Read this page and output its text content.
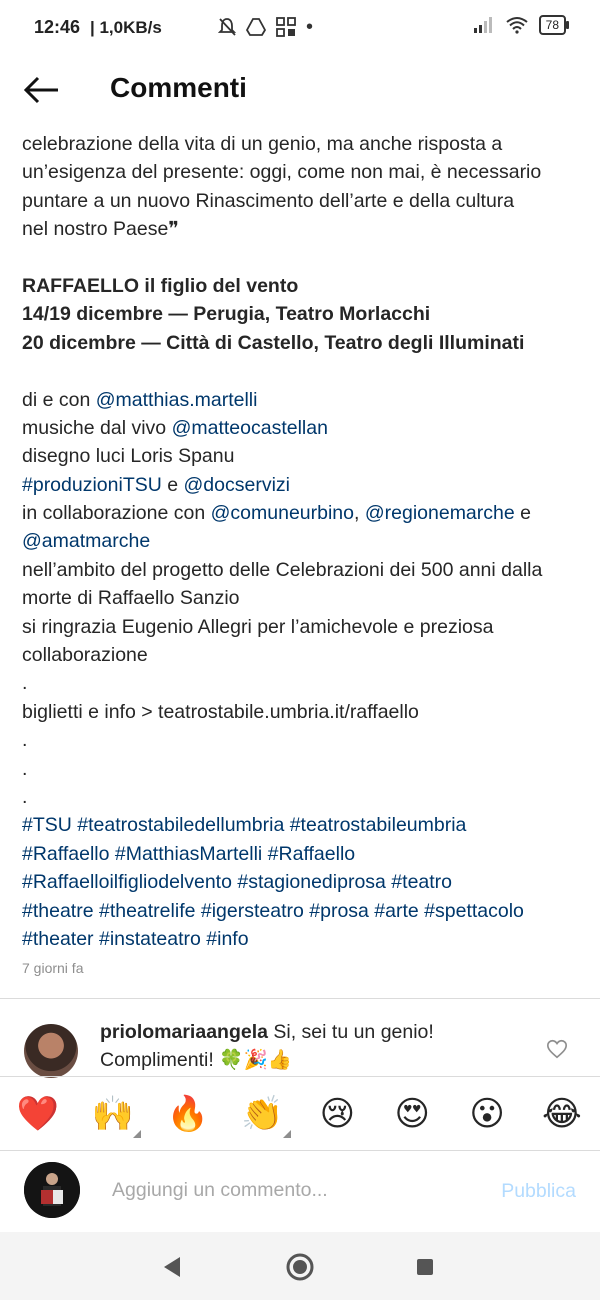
12:46 | 1,0KB/s	•	78
Commenti
celebrazione della vita di un genio, ma anche risposta a
un’esigenza del presente: oggi, come non mai, è necessario
puntare a un nuovo Rinascimento dell’arte e della cultura
nel nostro Paese❞
RAFFAELLO il figlio del vento
14/19 dicembre — Perugia, Teatro Morlacchi
20 dicembre — Città di Castello, Teatro degli Illuminati
di e con @matthias.martelli
musiche dal vivo @matteocastellan
disegno luci Loris Spanu
#produzioniTSU e @docservizi
in collaborazione con @comuneurbino, @regionemarche e
@amatmarche
nell’ambito del progetto delle Celebrazioni dei 500 anni dalla
morte di Raffaello Sanzio
si ringrazia Eugenio Allegri per l’amichevole e preziosa
collaborazione
.
biglietti e info > teatrostabile.umbria.it/raffaello
.
.
.
#TSU #teatrostabiledellumbria #teatrostabileumbria
#Raffaello #MatthiasMartelli #Raffaello
#Raffaelloilfigliodelvento #stagionediprosa #teatro
#theatre #theatrelife #igersteatro #prosa #arte #spettacolo
#theater #instateatro #info
7 giorni fa
priolomariaangela Si, sei tu un genio!
Complimenti! 🍀🎉👍
❤️ 🙌 🔥 👏 😢 😍 😮 😂
Aggiungi un commento...
Pubblica
